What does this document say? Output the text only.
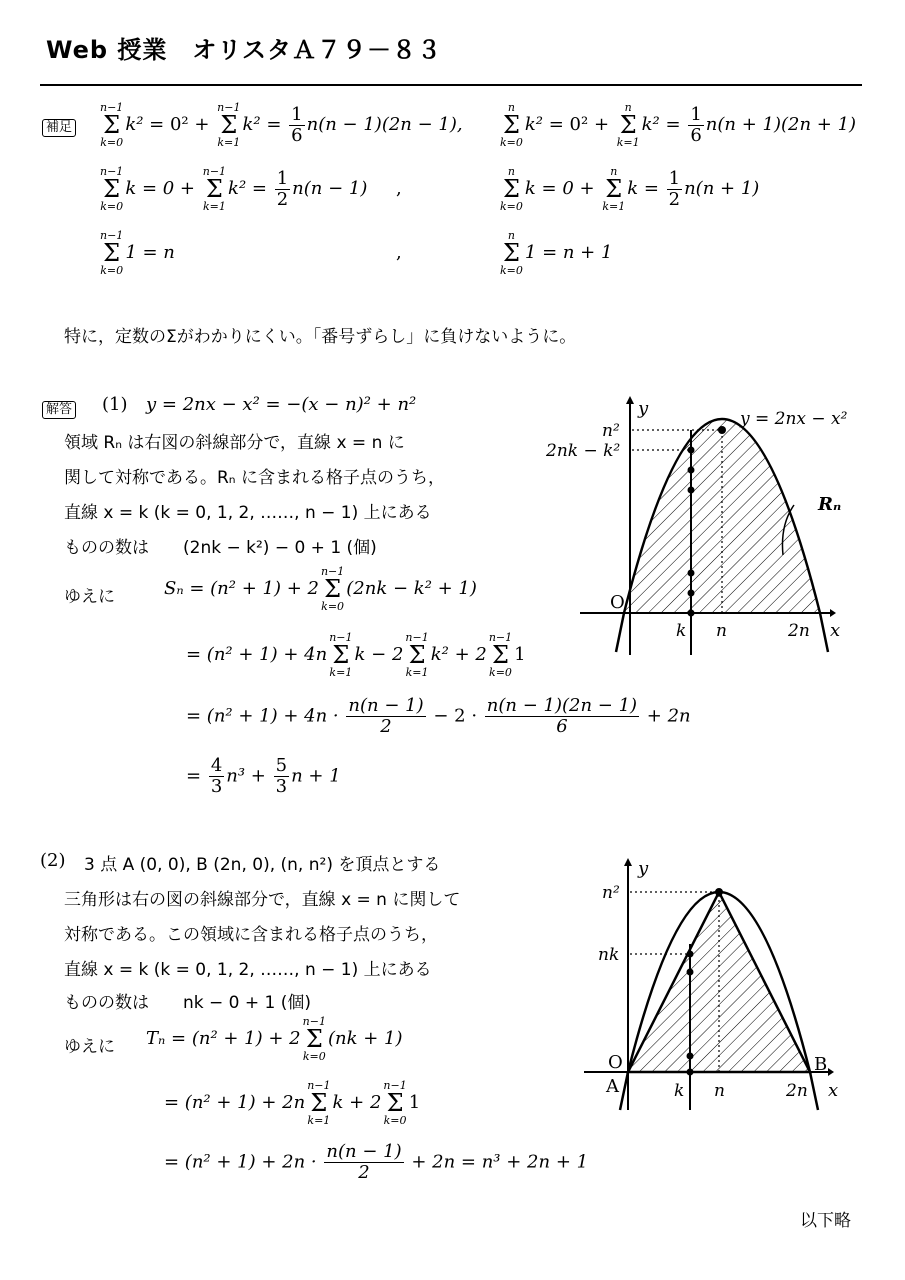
Web 授業　オリスタＡ７９－８３
補足
n−1
Σ
k=0
k² = 0² +
n−1
Σ
k=1
$k^2 = \frac{1}{6} n(n - 1)(2n - 1)$,
n
Σ
k=0
k² = 0² +
n
Σ
k=1
$k^2 = \frac{1}{6} n(n + 1)(2n + 1)$
n−1
Σ
k=0
k = 0 +
n−1
Σ
k=1
$k^2 = \frac{1}{2} n(n - 1)$ ,
n
Σ
k=0
k = 0 +
n
Σ
k=1
$k = \frac{1}{2} n(n + 1)$
n−1
Σ
k=0
1 = n	,
n
Σ
k=0
1 = n + 1
特に，定数のΣがわかりにくい。「番号ずらし」に負けないように。
解答 (1) y = 2nx − x² = −(x − n)² + n²
領域 Rₙ は右図の斜線部分で，直線 x = n に
関して対称である。Rₙ に含まれる格子点のうち，
直線 x = k (k = 0, 1, 2, ……, n − 1) 上にある
ものの数は　　(2nk − k²) − 0 + 1 (個)
ゆえに	Sₙ = (n² + 1) + 2
n−1
Σ
k=0
(2nk − k² + 1)
= (n² + 1) + 4n
n−1
Σ
k=1
k − 2
n−1
Σ
k=1
k² + 2
n−1
Σ
k=0
1
= $(n^2 + 1) + 4n \cdot \frac{n(n - 1)}{2} - 2 \cdot \frac{n(n - 1)(2n - 1)}{6} + 2n$
= $\frac{4}{3} n^3 + \frac{5}{3}$ n + 1
y
x
O
k n	2n
n²
2nk − k²
y = 2nx − x²
Rₙ
(2) 3 点 A (0, 0), B (2n, 0), (n, n²) を頂点とする
三角形は右の図の斜線部分で，直線 x = n に関して
対称である。この領域に含まれる格子点のうち，
直線 x = k (k = 0, 1, 2, ……, n − 1) 上にある
ものの数は　　nk − 0 + 1 (個)
ゆえに Tₙ = (n² + 1) + 2
n−1
Σ
k=0
(nk + 1)
= (n² + 1) + 2n
n−1
Σ
k=1
k + 2
n−1
Σ
k=0
1
= $(n^2 + 1) + 2n \cdot \frac{n(n - 1)}{2} + 2n = n^3 + 2n + 1$
y
x
O
A
B
k n	2n
n²
nk
以下略
